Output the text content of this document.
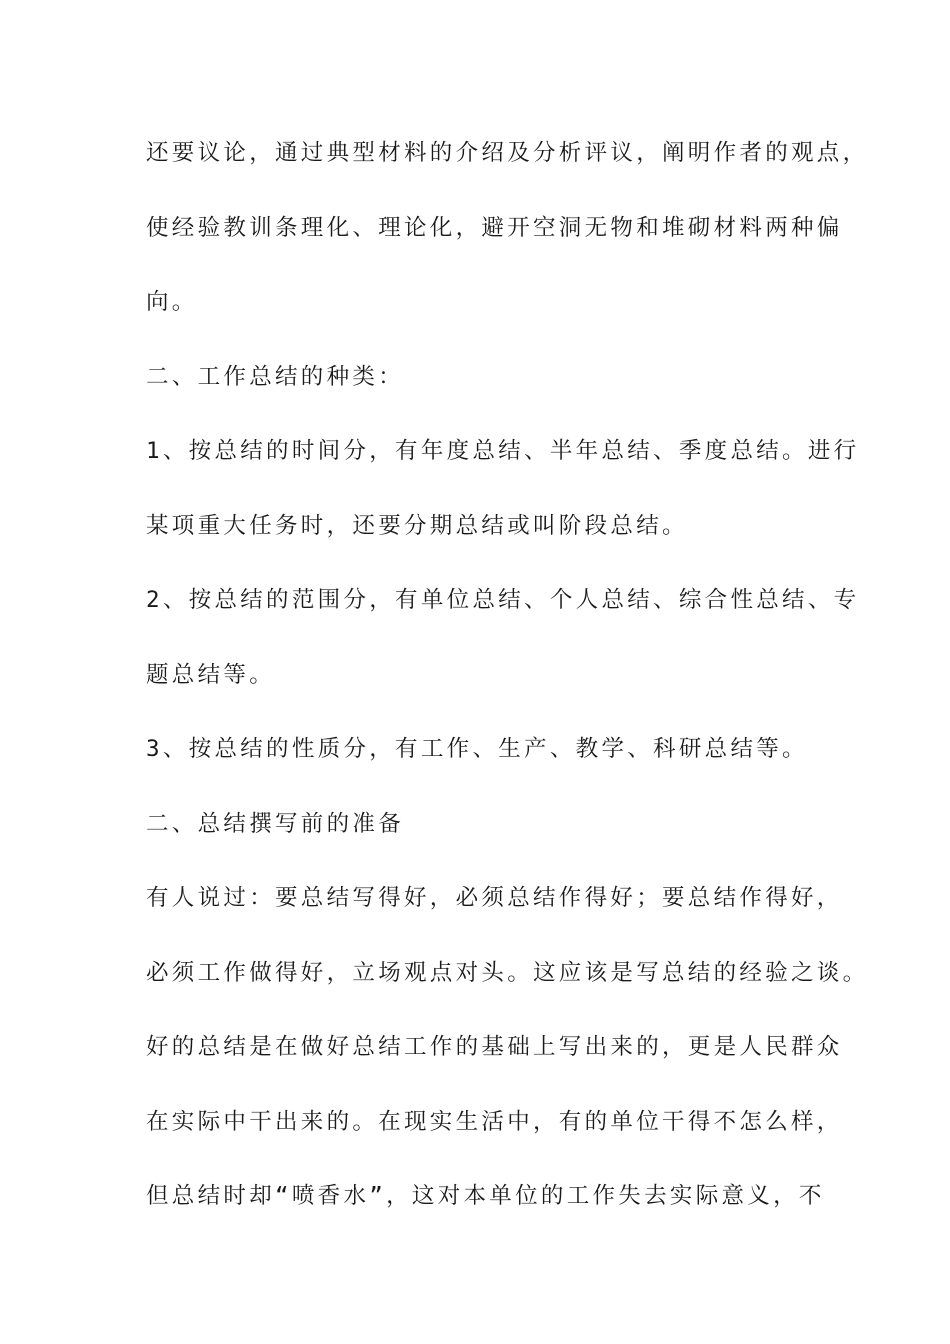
还要议论，通过典型材料的介绍及分析评议，阐明作者的观点，
使经验教训条理化、理论化，避开空洞无物和堆砌材料两种偏
向。
二、工作总结的种类：
1、按总结的时间分，有年度总结、半年总结、季度总结。进行
某项重大任务时，还要分期总结或叫阶段总结。
2、按总结的范围分，有单位总结、个人总结、综合性总结、专
题总结等。
3、按总结的性质分，有工作、生产、教学、科研总结等。
二、总结撰写前的准备
有人说过：要总结写得好，必须总结作得好；要总结作得好，
必须工作做得好，立场观点对头。这应该是写总结的经验之谈。
好的总结是在做好总结工作的基础上写出来的，更是人民群众
在实际中干出来的。在现实生活中，有的单位干得不怎么样，
但总结时却“喷香水”，这对本单位的工作失去实际意义，不
